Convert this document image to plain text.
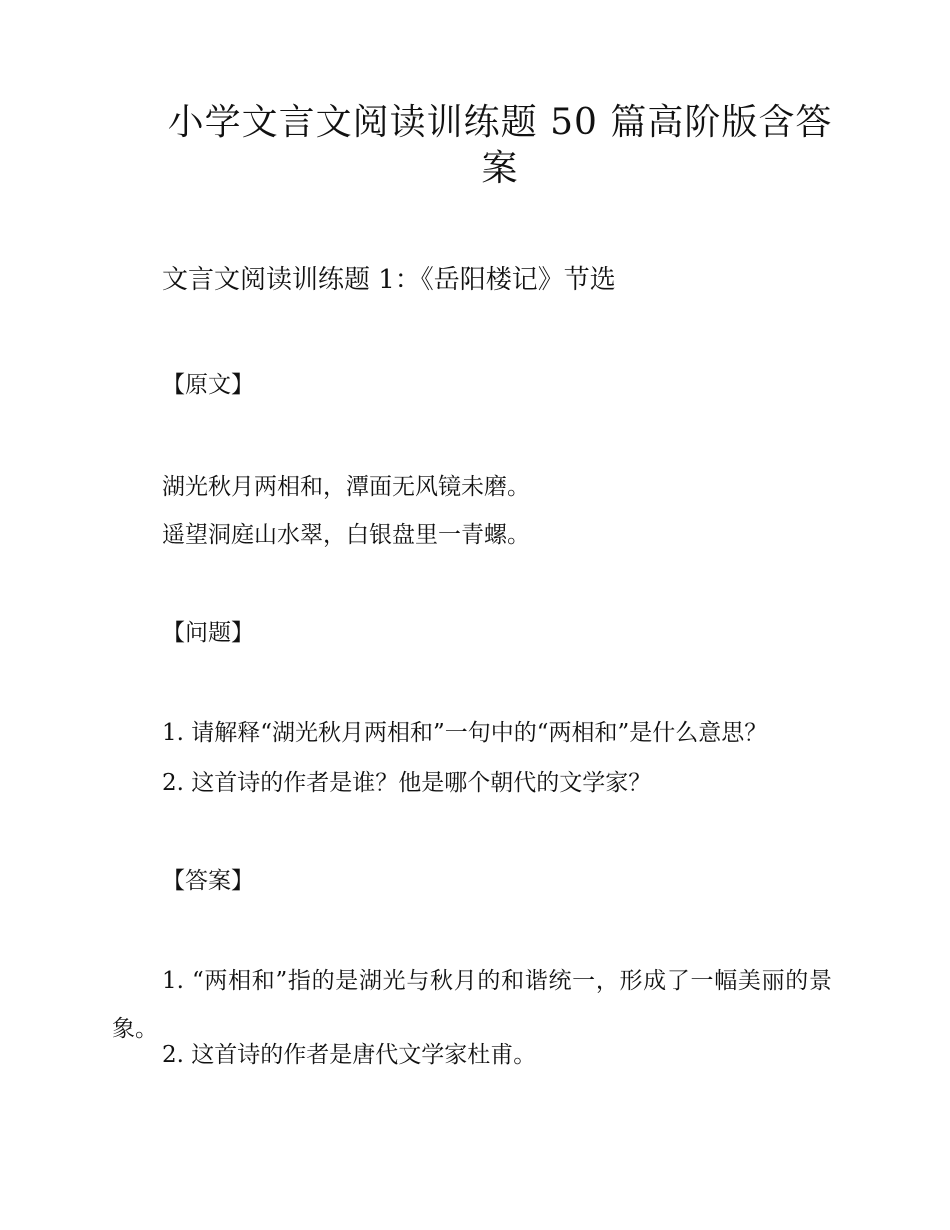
小学文言文阅读训练题 50 篇高阶版含答
案
文言文阅读训练题 1：《岳阳楼记》节选
【原文】
湖光秋月两相和，潭面无风镜未磨。
遥望洞庭山水翠，白银盘里一青螺。
【问题】
1. 请解释“湖光秋月两相和”一句中的“两相和”是什么意思？
2. 这首诗的作者是谁？他是哪个朝代的文学家？
【答案】
1. “两相和”指的是湖光与秋月的和谐统一，形成了一幅美丽的景象。
2. 这首诗的作者是唐代文学家杜甫。
